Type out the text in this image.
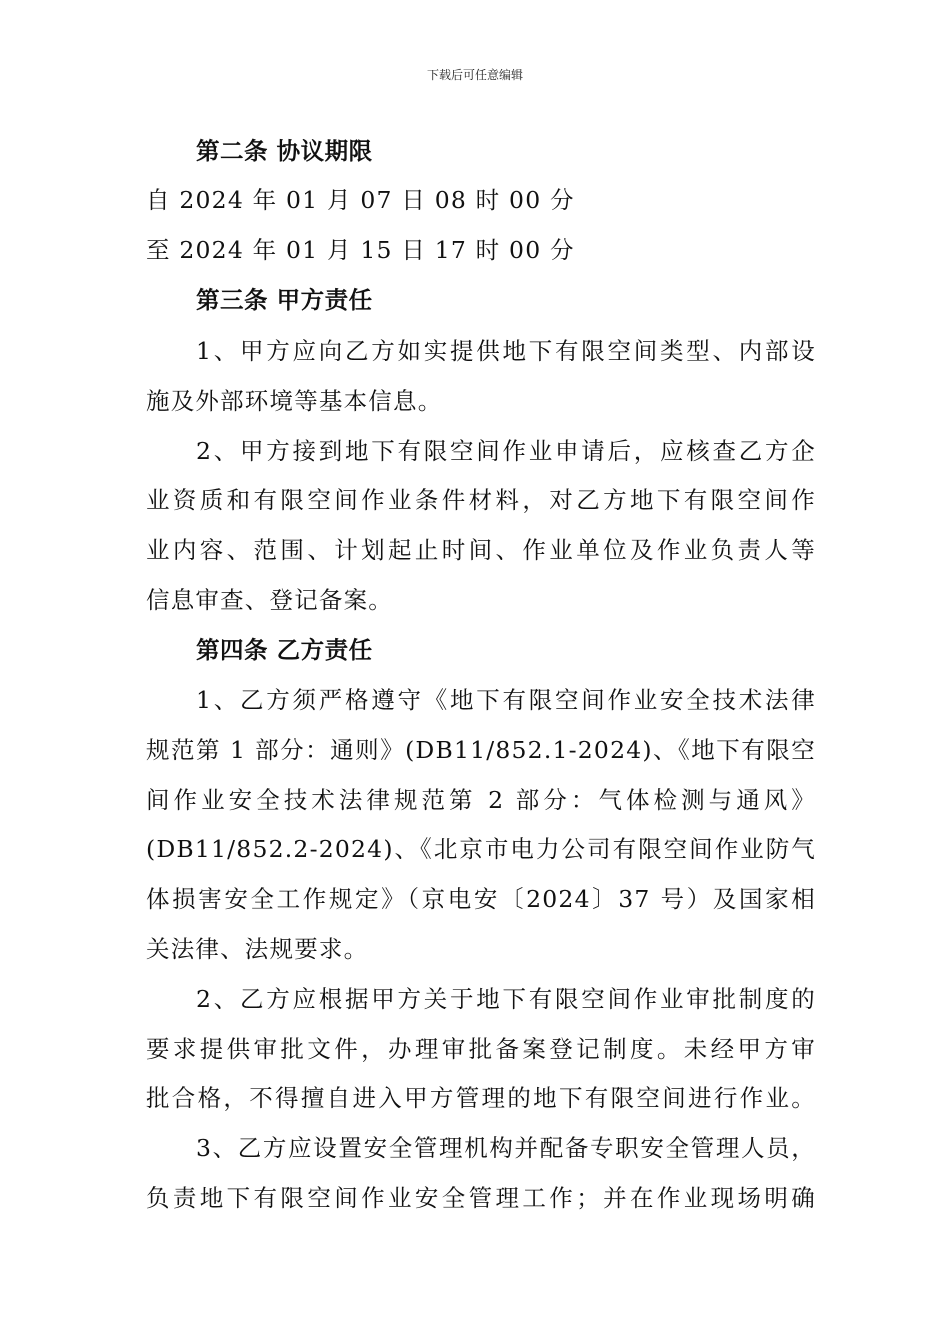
下载后可任意编辑
第二条 协议期限
自 2024 年 01 月 07 日 08 时 00 分
至 2024 年 01 月 15 日 17 时 00 分
第三条 甲方责任
1、甲方应向乙方如实提供地下有限空间类型、内部设
施及外部环境等基本信息。
2、甲方接到地下有限空间作业申请后，应核查乙方企
业资质和有限空间作业条件材料，对乙方地下有限空间作
业内容、范围、计划起止时间、作业单位及作业负责人等
信息审查、登记备案。
第四条 乙方责任
1、乙方须严格遵守《地下有限空间作业安全技术法律
规范第 1 部分：通则》(DB11/852.1-2024)、《地下有限空
间作业安全技术法律规范第 2 部分：气体检测与通风》
(DB11/852.2-2024)、《北京市电力公司有限空间作业防气
体损害安全工作规定》（京电安〔2024〕37 号）及国家相
关法律、法规要求。
2、乙方应根据甲方关于地下有限空间作业审批制度的
要求提供审批文件，办理审批备案登记制度。未经甲方审
批合格，不得擅自进入甲方管理的地下有限空间进行作业。
3、乙方应设置安全管理机构并配备专职安全管理人员，
负责地下有限空间作业安全管理工作；并在作业现场明确
